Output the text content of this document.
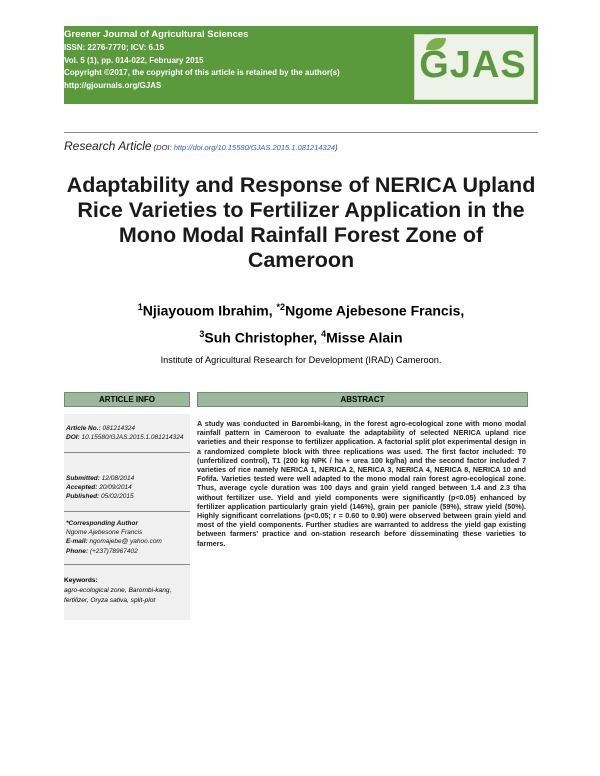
Greener Journal of Agricultural Sciences
ISSN: 2276-7770; ICV: 6.15
Vol. 5 (1), pp. 014-022, February 2015
Copyright ©2017, the copyright of this article is retained by the author(s)
http://gjournals.org/GJAS	GJAS
Research Article (DOI: http://doi.org/10.15580/GJAS.2015.1.081214324)
Adaptability and Response of NERICA Upland Rice Varieties to Fertilizer Application in the Mono Modal Rainfall Forest Zone of Cameroon
$^1$Njiayouom Ibrahim, $^{*2}$Ngome Ajebesone Francis,
$^3$Suh Christopher, $^4$Misse Alain
Institute of Agricultural Research for Development (IRAD) Cameroon.
ARTICLE INFO	ABSTRACT
Article No.: 081214324
DOI: 10.15580/GJAS.2015.1.081214324
Submitted: 12/08/2014
Accepted: 20/09/2014
Published: 05/02/2015
*Corresponding Author
Ngome Ajebesone Francis
E-mail: ngomajebe@ yahoo.com
Phone: (+237)78967402
Keywords:
agro-ecological zone, Barombi-kang, fertilizer, Oryza sativa, split-plot
A study was conducted in Barombi-kang, in the forest agro-ecological zone with mono modal rainfall pattern in Cameroon to evaluate the adaptability of selected NERICA upland rice varieties and their response to fertilizer application. A factorial split plot experimental design in a randomized complete block with three replications was used. The first factor included: T0 (unfertilized control), T1 (200 kg NPK / ha + urea 100 kg/ha) and the second factor included 7 varieties of rice namely NERICA 1, NERICA 2, NERICA 3, NERICA 4, NERICA 8, NERICA 10 and Fofifa. Varieties tested were well adapted to the mono modal rain forest agro-ecological zone. Thus, average cycle duration was 100 days and grain yield ranged between 1.4 and 2.3 t/ha without fertilizer use. Yield and yield components were significantly (p<0.05) enhanced by fertilizer application particularly grain yield (146%), grain per panicle (59%), straw yield (50%). Highly significant correlations (p<0.05; r = 0.60 to 0.90) were observed between grain yield and most of the yield components. Further studies are warranted to address the yield gap existing between farmers' practice and on-station research before disseminating these varieties to farmers.
